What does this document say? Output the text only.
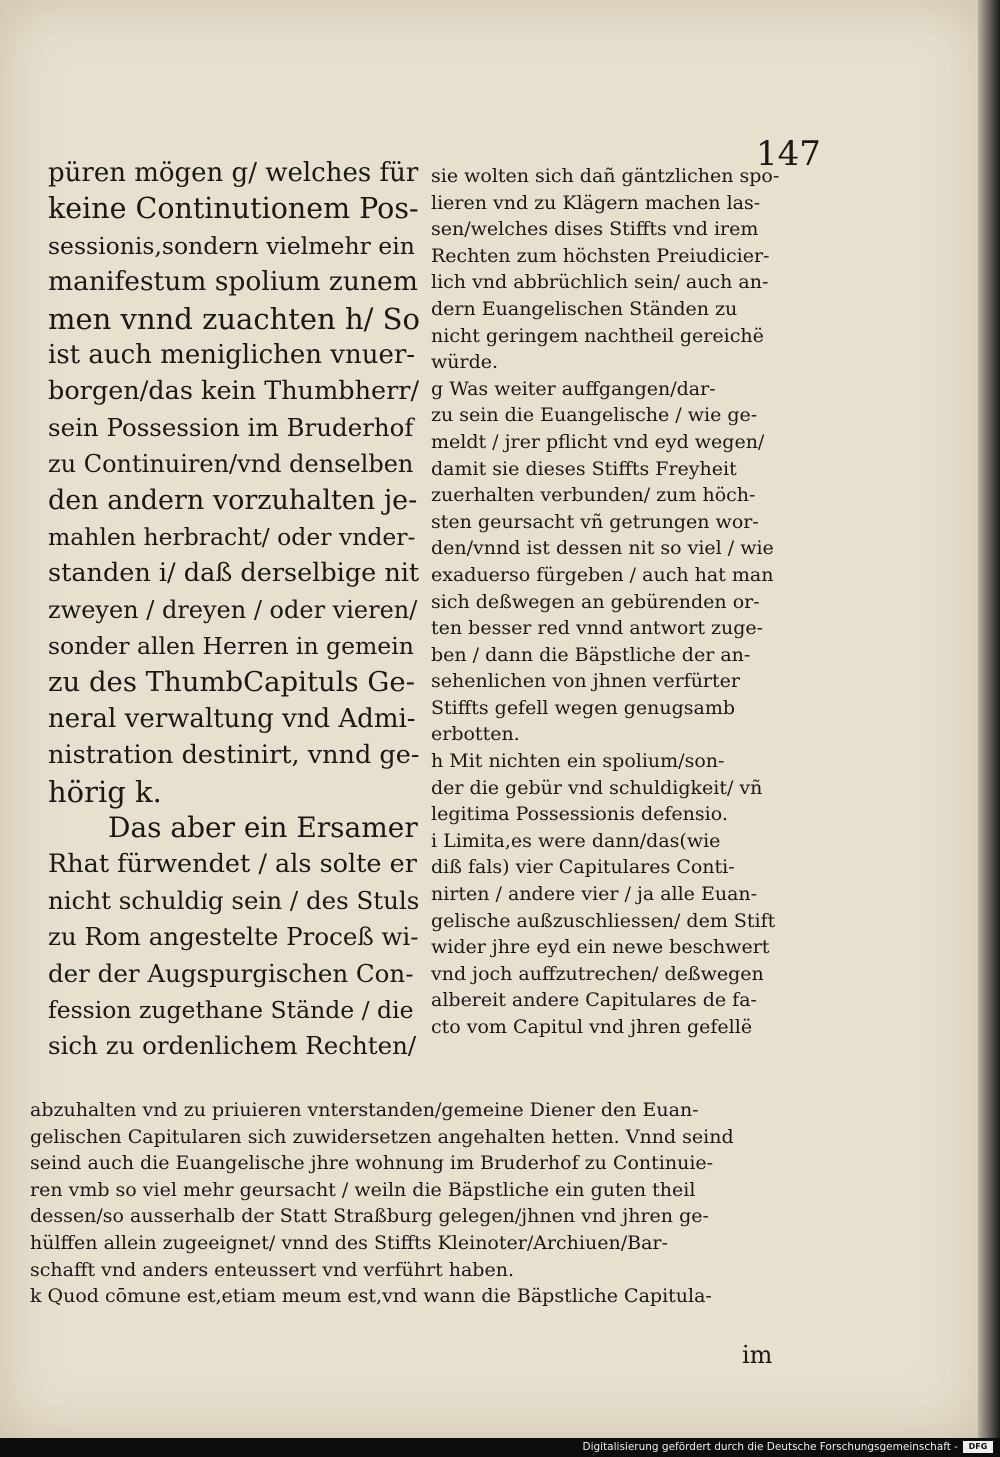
147
püren mögen g/ welches für
keine Continutionem Pos-
sessionis,sondern vielmehr ein
manifestum spolium zunem
men vnnd zuachten h/ So
ist auch meniglichen vnuer-
borgen/das kein Thumbherr/
sein Possession im Bruderhof
zu Continuiren/vnd denselben
den andern vorzuhalten je-
mahlen herbracht/ oder vnder-
standen i/ daß derselbige nit
zweyen / dreyen / oder vieren/
sonder allen Herren in gemein
zu des ThumbCapituls Ge-
neral verwaltung vnd Admi-
nistration destinirt, vnnd ge-
hörig k.
Das aber ein Ersamer
Rhat fürwendet / als solte er
nicht schuldig sein / des Stuls
zu Rom angestelte Proceß wi-
der der Augspurgischen Con-
fession zugethane Stände / die
sich zu ordenlichem Rechten/
sie wolten sich dañ gäntzlichen spo-
lieren vnd zu Klägern machen las-
sen/welches dises Stiffts vnd irem
Rechten zum höchsten Preiudicier-
lich vnd abbrüchlich sein/ auch an-
dern Euangelischen Ständen zu
nicht geringem nachtheil gereichë
würde.
g Was weiter auffgangen/dar-
zu sein die Euangelische / wie ge-
meldt / jrer pflicht vnd eyd wegen/
damit sie dieses Stiffts Freyheit
zuerhalten verbunden/ zum höch-
sten geursacht vñ getrungen wor-
den/vnnd ist dessen nit so viel / wie
exaduerso fürgeben / auch hat man
sich deßwegen an gebürenden or-
ten besser red vnnd antwort zuge-
ben / dann die Bäpstliche der an-
sehenlichen von jhnen verfürter
Stiffts gefell wegen genugsamb
erbotten.
h Mit nichten ein spolium/son-
der die gebür vnd schuldigkeit/ vñ
legitima Possessionis defensio.
i Limita,es were dann/das(wie
diß fals) vier Capitulares Conti-
nirten / andere vier / ja alle Euan-
gelische außzuschliessen/ dem Stift
wider jhre eyd ein newe beschwert
vnd joch auffzutrechen/ deßwegen
albereit andere Capitulares de fa-
cto vom Capitul vnd jhren gefellë
abzuhalten vnd zu priuieren vnterstanden/gemeine Diener den Euan-
gelischen Capitularen sich zuwidersetzen angehalten hetten. Vnnd seind
seind auch die Euangelische jhre wohnung im Bruderhof zu Continuie-
ren vmb so viel mehr geursacht / weiln die Bäpstliche ein guten theil
dessen/so ausserhalb der Statt Straßburg gelegen/jhnen vnd jhren ge-
hülffen allein zugeeignet/ vnnd des Stiffts Kleinoter/Archiuen/Bar-
schafft vnd anders enteussert vnd verführt haben.
k Quod cōmune est,etiam meum est,vnd wann die Bäpstliche Capitula-
im
Digitalisierung gefördert durch die Deutsche Forschungsgemeinschaft -	DFG
